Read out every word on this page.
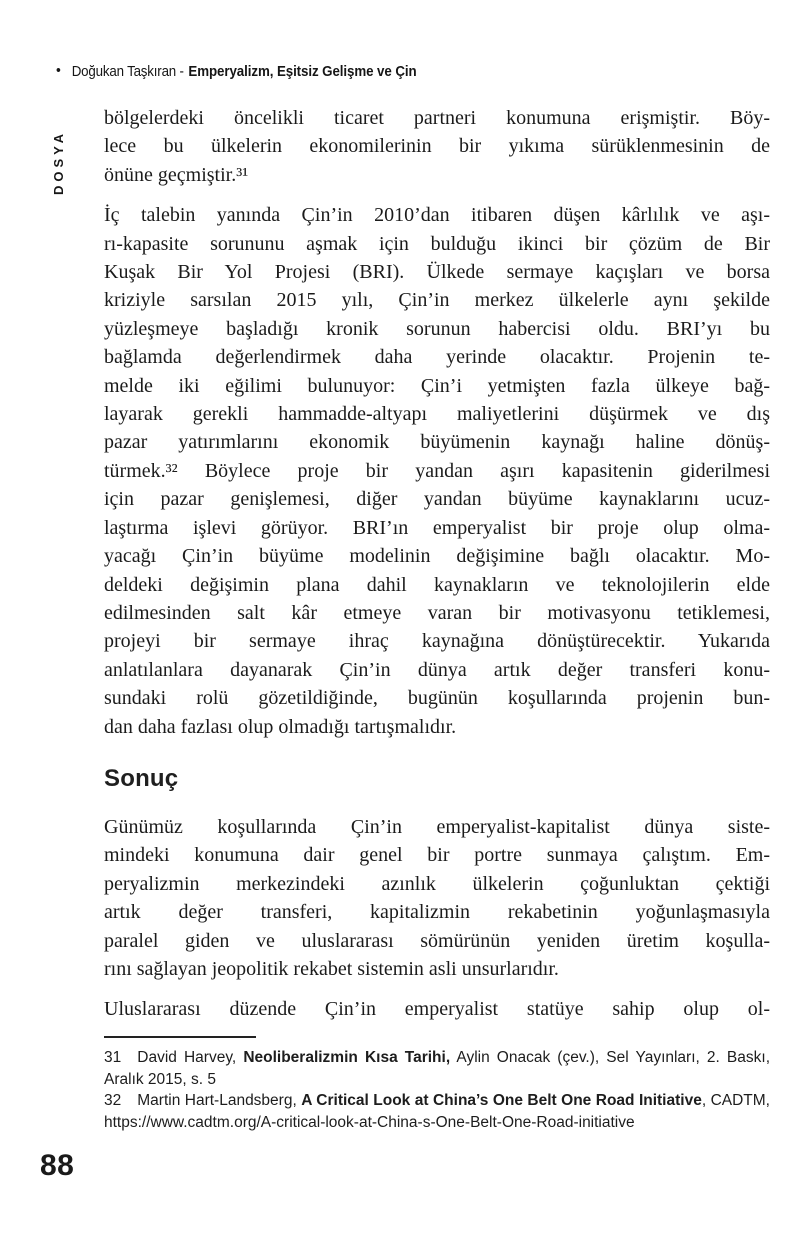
• Doğukan Taşkıran - Emperyalizm, Eşitsiz Gelişme ve Çin
DOSYA
bölgelerdeki öncelikli ticaret partneri konumuna erişmiştir. Böy-
lece bu ülkelerin ekonomilerinin bir yıkıma sürüklenmesinin de
önüne geçmiştir.³¹
İç talebin yanında Çin’in 2010’dan itibaren düşen kârlılık ve aşı-
rı-kapasite sorununu aşmak için bulduğu ikinci bir çözüm de Bir
Kuşak Bir Yol Projesi (BRI). Ülkede sermaye kaçışları ve borsa
kriziyle sarsılan 2015 yılı, Çin’in merkez ülkelerle aynı şekilde
yüzleşmeye başladığı kronik sorunun habercisi oldu. BRI’yı bu
bağlamda değerlendirmek daha yerinde olacaktır. Projenin te-
melde iki eğilimi bulunuyor: Çin’i yetmişten fazla ülkeye bağ-
layarak gerekli hammadde-altyapı maliyetlerini düşürmek ve dış
pazar yatırımlarını ekonomik büyümenin kaynağı haline dönüş-
türmek.³² Böylece proje bir yandan aşırı kapasitenin giderilmesi
için pazar genişlemesi, diğer yandan büyüme kaynaklarını ucuz-
laştırma işlevi görüyor. BRI’ın emperyalist bir proje olup olma-
yacağı Çin’in büyüme modelinin değişimine bağlı olacaktır. Mo-
deldeki değişimin plana dahil kaynakların ve teknolojilerin elde
edilmesinden salt kâr etmeye varan bir motivasyonu tetiklemesi,
projeyi bir sermaye ihraç kaynağına dönüştürecektir. Yukarıda
anlatılanlara dayanarak Çin’in dünya artık değer transferi konu-
sundaki rolü gözetildiğinde, bugünün koşullarında projenin bun-
dan daha fazlası olup olmadığı tartışmalıdır.
Sonuç
Günümüz koşullarında Çin’in emperyalist-kapitalist dünya siste-
mindeki konumuna dair genel bir portre sunmaya çalıştım. Em-
peryalizmin merkezindeki azınlık ülkelerin çoğunluktan çektiği
artık değer transferi, kapitalizmin rekabetinin yoğunlaşmasıyla
paralel giden ve uluslararası sömürünün yeniden üretim koşulla-
rını sağlayan jeopolitik rekabet sistemin asli unsurlarıdır.
Uluslararası düzende Çin’in emperyalist statüye sahip olup ol-

31 David Harvey, Neoliberalizmin Kısa Tarihi, Aylin Onacak (çev.), Sel Yayınları, 2. Baskı, Aralık 2015, s. 5

32 Martin Hart-Landsberg, A Critical Look at China’s One Belt One Road Initiative, CADTM, https://www.cadtm.org/A-critical-look-at-China-s-One-Belt-One-Road-initiative

88
